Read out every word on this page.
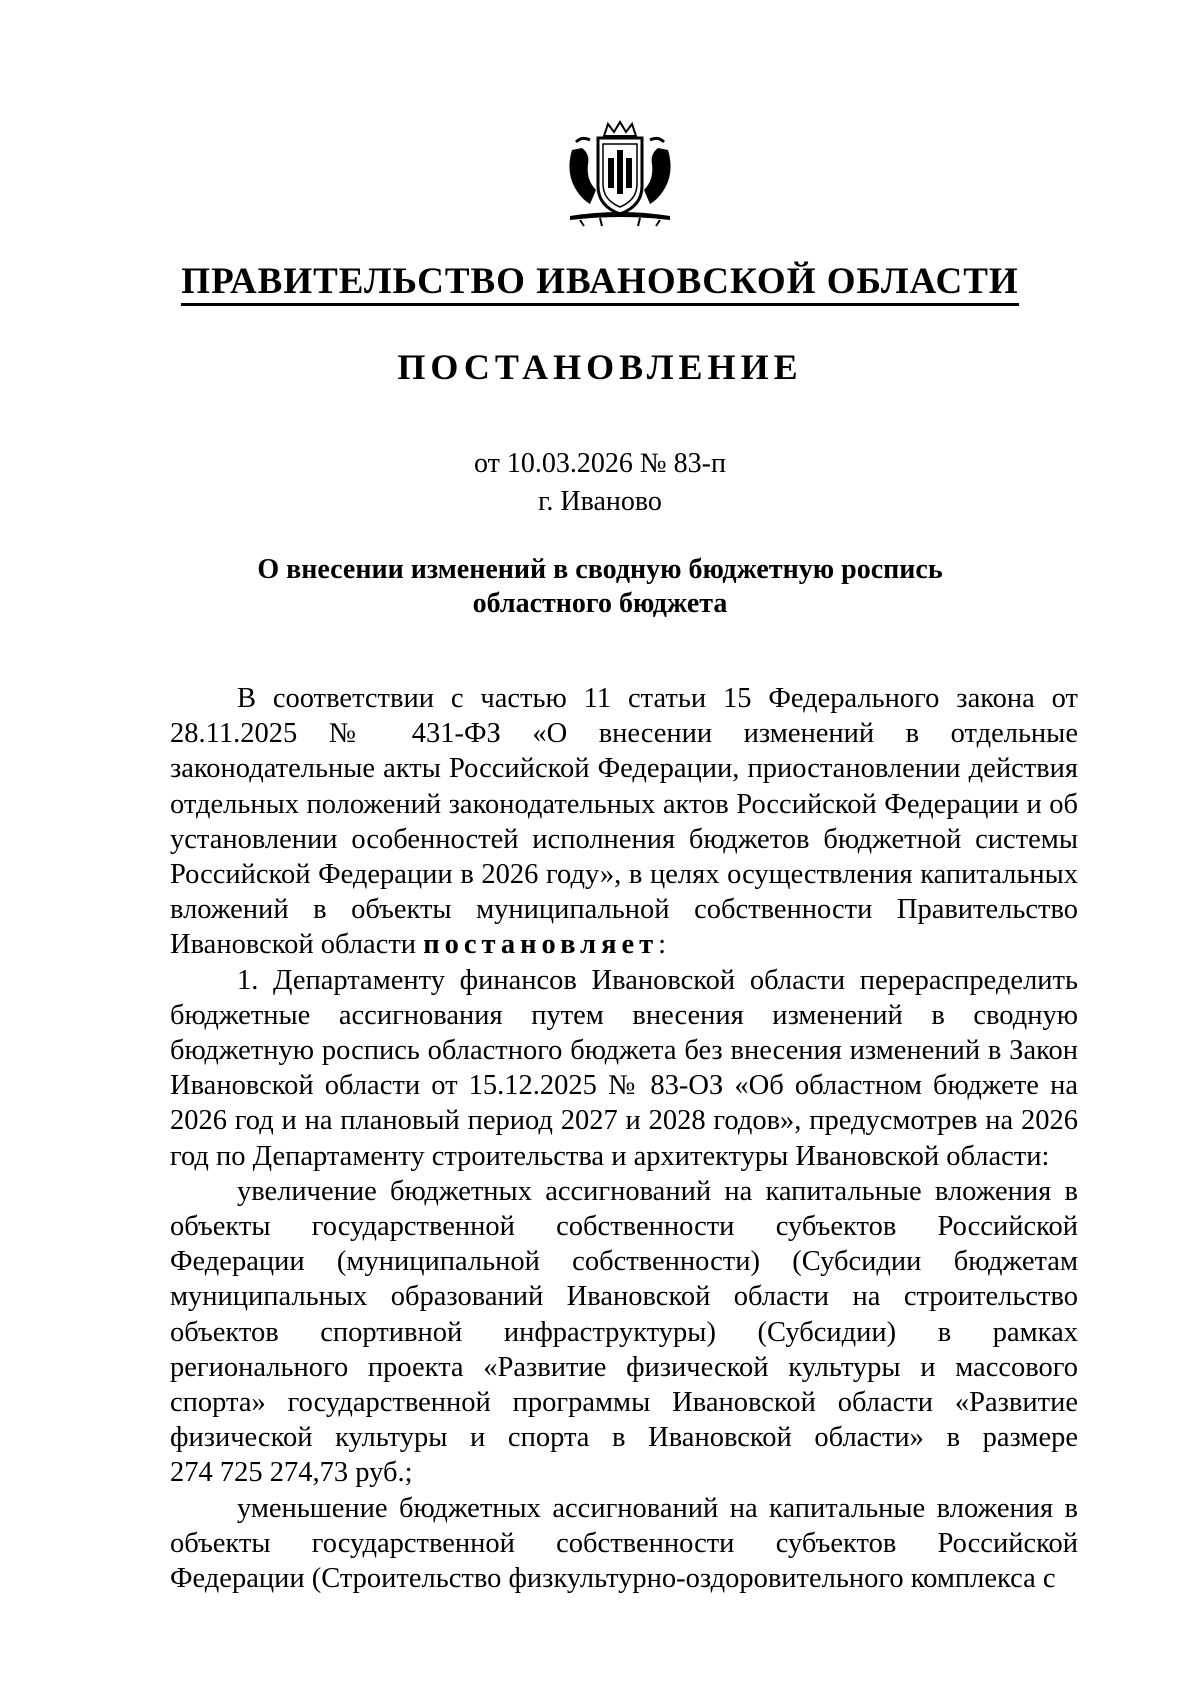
ПРАВИТЕЛЬСТВО ИВАНОВСКОЙ ОБЛАСТИ
ПОСТАНОВЛЕНИЕ
от 10.03.2026 № 83-п
г. Иваново
О внесении изменений в сводную бюджетную роспись
областного бюджета

В соответствии с частью 11 статьи 15 Федерального закона от 28.11.2025 № 431-ФЗ «О внесении изменений в отдельные законодательные акты Российской Федерации, приостановлении действия отдельных положений законодательных актов Российской Федерации и об установлении особенностей исполнения бюджетов бюджетной системы Российской Федерации в 2026 году», в целях осуществления капитальных вложений в объекты муниципальной собственности Правительство Ивановской области постановляет:

1. Департаменту финансов Ивановской области перераспределить бюджетные ассигнования путем внесения изменений в сводную бюджетную роспись областного бюджета без внесения изменений в Закон Ивановской области от 15.12.2025 № 83-ОЗ «Об областном бюджете на 2026 год и на плановый период 2027 и 2028 годов», предусмотрев на 2026 год по Департаменту строительства и архитектуры Ивановской области:

увеличение бюджетных ассигнований на капитальные вложения в объекты государственной собственности субъектов Российской Федерации (муниципальной собственности) (Субсидии бюджетам муниципальных образований Ивановской области на строительство объектов спортивной инфраструктуры) (Субсидии) в рамках регионального проекта «Развитие физической культуры и массового спорта» государственной программы Ивановской области «Развитие физической культуры и спорта в Ивановской области» в размере 274 725 274,73 руб.;

уменьшение бюджетных ассигнований на капитальные вложения в объекты государственной собственности субъектов Российской Федерации (Строительство физкультурно-оздоровительного комплекса с
